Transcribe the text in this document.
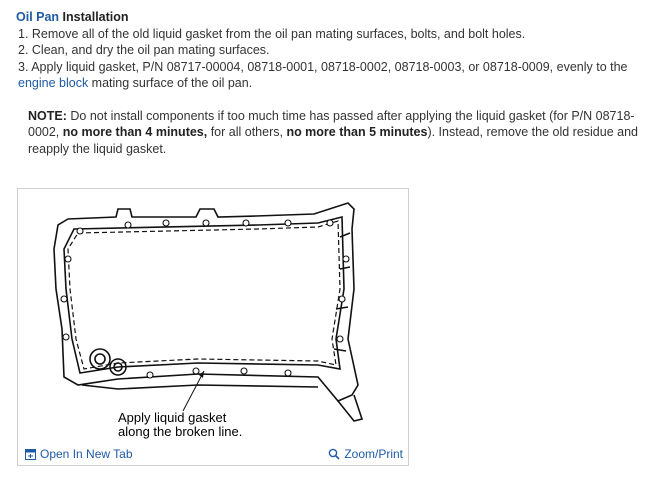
Oil Pan Installation

1. Remove all of the old liquid gasket from the oil pan mating surfaces, bolts, and bolt holes.

2. Clean, and dry the oil pan mating surfaces.

3. Apply liquid gasket, P/N 08717-00004, 08718-0001, 08718-0002, 08718-0003, or 08718-0009, evenly to the engine block mating surface of the oil pan.

NOTE: Do not install components if too much time has passed after applying the liquid gasket (for P/N 08718-0002, no more than 4 minutes, for all others, no more than 5 minutes). Instead, remove the old residue and reapply the liquid gasket.

Apply liquid gasket
along the broken line.
Open In New Tab	Zoom/Print
